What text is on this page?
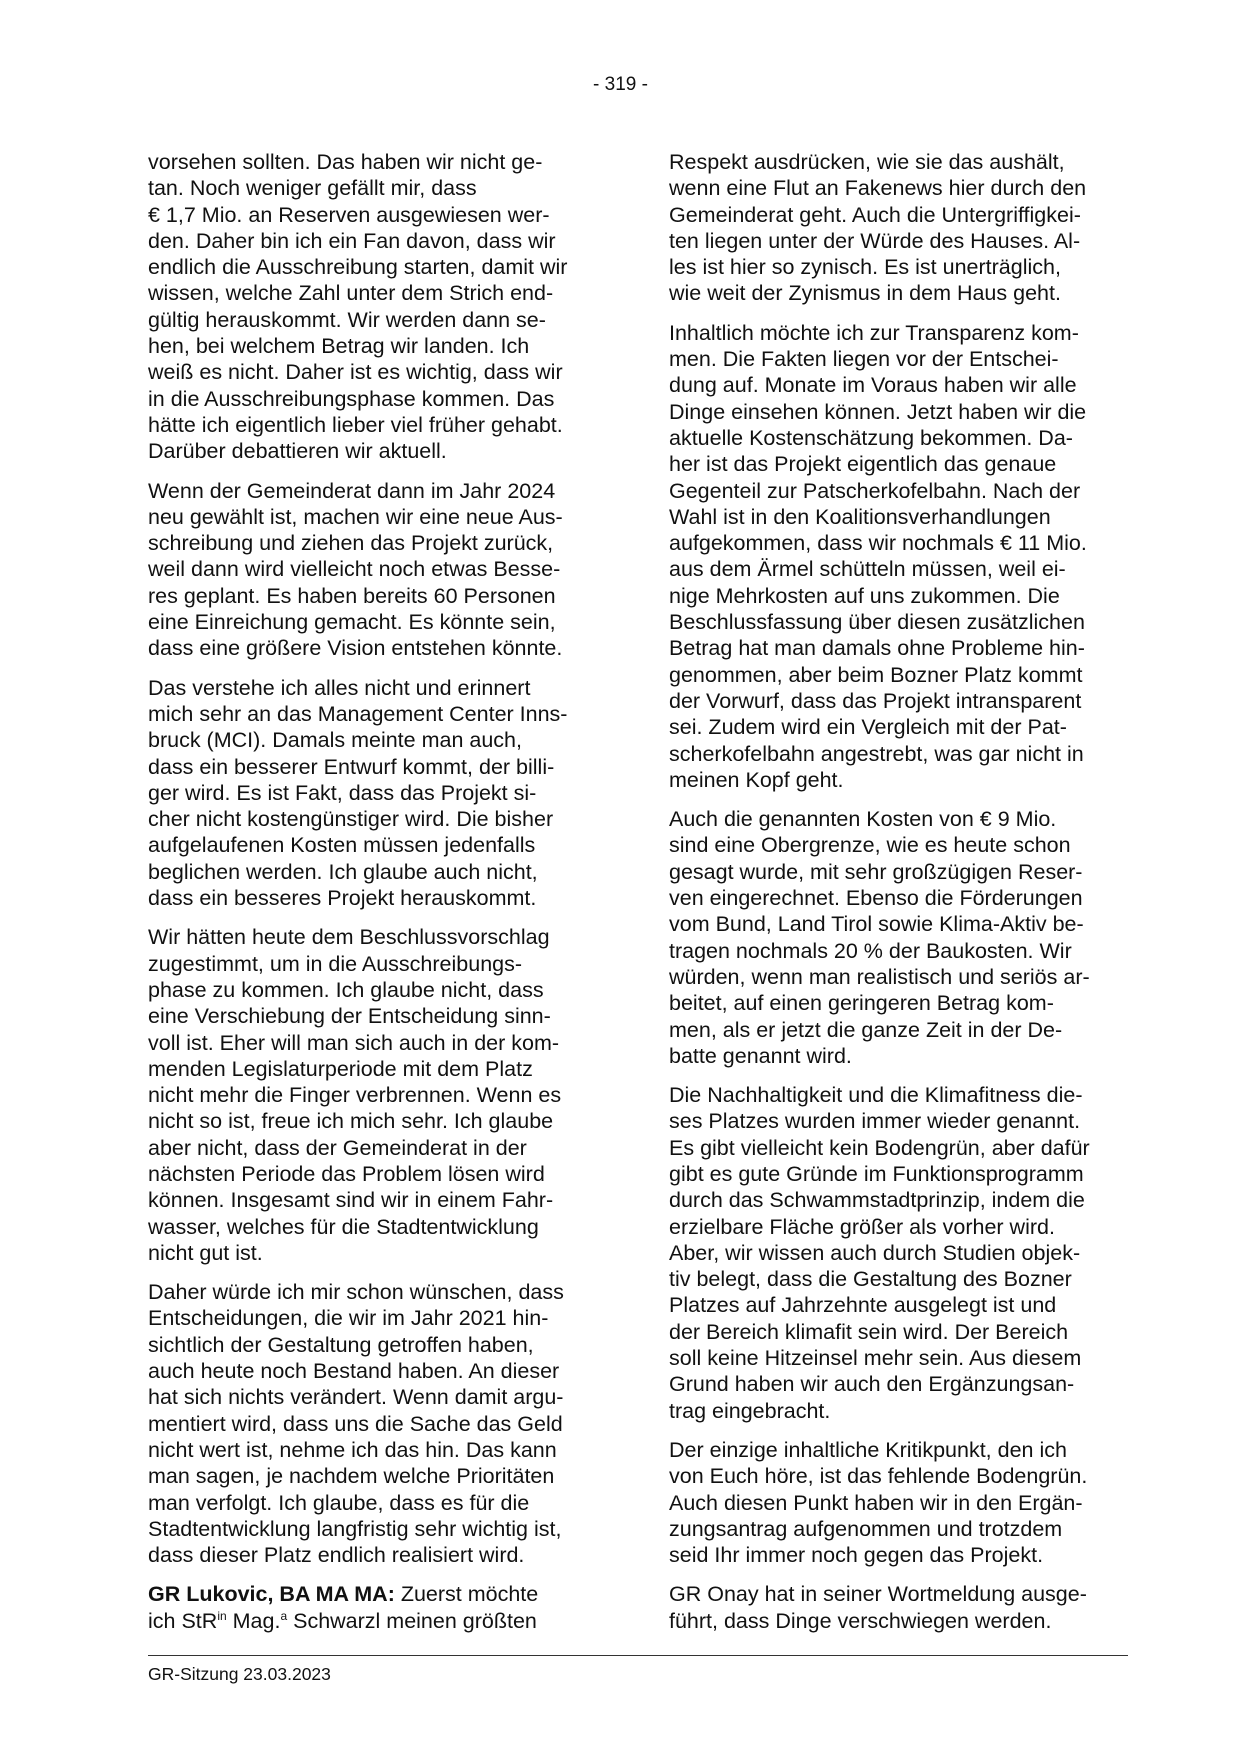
- 319 -

vorsehen sollten. Das haben wir nicht ge-
tan. Noch weniger gefällt mir, dass
€ 1,7 Mio. an Reserven ausgewiesen wer-
den. Daher bin ich ein Fan davon, dass wir
endlich die Ausschreibung starten, damit wir
wissen, welche Zahl unter dem Strich end-
gültig herauskommt. Wir werden dann se-
hen, bei welchem Betrag wir landen. Ich
weiß es nicht. Daher ist es wichtig, dass wir
in die Ausschreibungsphase kommen. Das
hätte ich eigentlich lieber viel früher gehabt.
Darüber debattieren wir aktuell.

Wenn der Gemeinderat dann im Jahr 2024
neu gewählt ist, machen wir eine neue Aus-
schreibung und ziehen das Projekt zurück,
weil dann wird vielleicht noch etwas Besse-
res geplant. Es haben bereits 60 Personen
eine Einreichung gemacht. Es könnte sein,
dass eine größere Vision entstehen könnte.

Das verstehe ich alles nicht und erinnert
mich sehr an das Management Center Inns-
bruck (MCI). Damals meinte man auch,
dass ein besserer Entwurf kommt, der billi-
ger wird. Es ist Fakt, dass das Projekt si-
cher nicht kostengünstiger wird. Die bisher
aufgelaufenen Kosten müssen jedenfalls
beglichen werden. Ich glaube auch nicht,
dass ein besseres Projekt herauskommt.

Wir hätten heute dem Beschlussvorschlag
zugestimmt, um in die Ausschreibungs-
phase zu kommen. Ich glaube nicht, dass
eine Verschiebung der Entscheidung sinn-
voll ist. Eher will man sich auch in der kom-
menden Legislaturperiode mit dem Platz
nicht mehr die Finger verbrennen. Wenn es
nicht so ist, freue ich mich sehr. Ich glaube
aber nicht, dass der Gemeinderat in der
nächsten Periode das Problem lösen wird
können. Insgesamt sind wir in einem Fahr-
wasser, welches für die Stadtentwicklung
nicht gut ist.

Daher würde ich mir schon wünschen, dass
Entscheidungen, die wir im Jahr 2021 hin-
sichtlich der Gestaltung getroffen haben,
auch heute noch Bestand haben. An dieser
hat sich nichts verändert. Wenn damit argu-
mentiert wird, dass uns die Sache das Geld
nicht wert ist, nehme ich das hin. Das kann
man sagen, je nachdem welche Prioritäten
man verfolgt. Ich glaube, dass es für die
Stadtentwicklung langfristig sehr wichtig ist,
dass dieser Platz endlich realisiert wird.

GR Lukovic, BA MA MA: Zuerst möchte
ich StR$^{in}$ Mag.$^a$ Schwarzl meinen größten

Respekt ausdrücken, wie sie das aushält,
wenn eine Flut an Fakenews hier durch den
Gemeinderat geht. Auch die Untergriffigkei-
ten liegen unter der Würde des Hauses. Al-
les ist hier so zynisch. Es ist unerträglich,
wie weit der Zynismus in dem Haus geht.

Inhaltlich möchte ich zur Transparenz kom-
men. Die Fakten liegen vor der Entschei-
dung auf. Monate im Voraus haben wir alle
Dinge einsehen können. Jetzt haben wir die
aktuelle Kostenschätzung bekommen. Da-
her ist das Projekt eigentlich das genaue
Gegenteil zur Patscherkofelbahn. Nach der
Wahl ist in den Koalitionsverhandlungen
aufgekommen, dass wir nochmals € 11 Mio.
aus dem Ärmel schütteln müssen, weil ei-
nige Mehrkosten auf uns zukommen. Die
Beschlussfassung über diesen zusätzlichen
Betrag hat man damals ohne Probleme hin-
genommen, aber beim Bozner Platz kommt
der Vorwurf, dass das Projekt intransparent
sei. Zudem wird ein Vergleich mit der Pat-
scherkofelbahn angestrebt, was gar nicht in
meinen Kopf geht.

Auch die genannten Kosten von € 9 Mio.
sind eine Obergrenze, wie es heute schon
gesagt wurde, mit sehr großzügigen Reser-
ven eingerechnet. Ebenso die Förderungen
vom Bund, Land Tirol sowie Klima-Aktiv be-
tragen nochmals 20 % der Baukosten. Wir
würden, wenn man realistisch und seriös ar-
beitet, auf einen geringeren Betrag kom-
men, als er jetzt die ganze Zeit in der De-
batte genannt wird.

Die Nachhaltigkeit und die Klimafitness die-
ses Platzes wurden immer wieder genannt.
Es gibt vielleicht kein Bodengrün, aber dafür
gibt es gute Gründe im Funktionsprogramm
durch das Schwammstadtprinzip, indem die
erzielbare Fläche größer als vorher wird.
Aber, wir wissen auch durch Studien objek-
tiv belegt, dass die Gestaltung des Bozner
Platzes auf Jahrzehnte ausgelegt ist und
der Bereich klimafit sein wird. Der Bereich
soll keine Hitzeinsel mehr sein. Aus diesem
Grund haben wir auch den Ergänzungsan-
trag eingebracht.

Der einzige inhaltliche Kritikpunkt, den ich
von Euch höre, ist das fehlende Bodengrün.
Auch diesen Punkt haben wir in den Ergän-
zungsantrag aufgenommen und trotzdem
seid Ihr immer noch gegen das Projekt.

GR Onay hat in seiner Wortmeldung ausge-
führt, dass Dinge verschwiegen werden.

GR-Sitzung 23.03.2023
